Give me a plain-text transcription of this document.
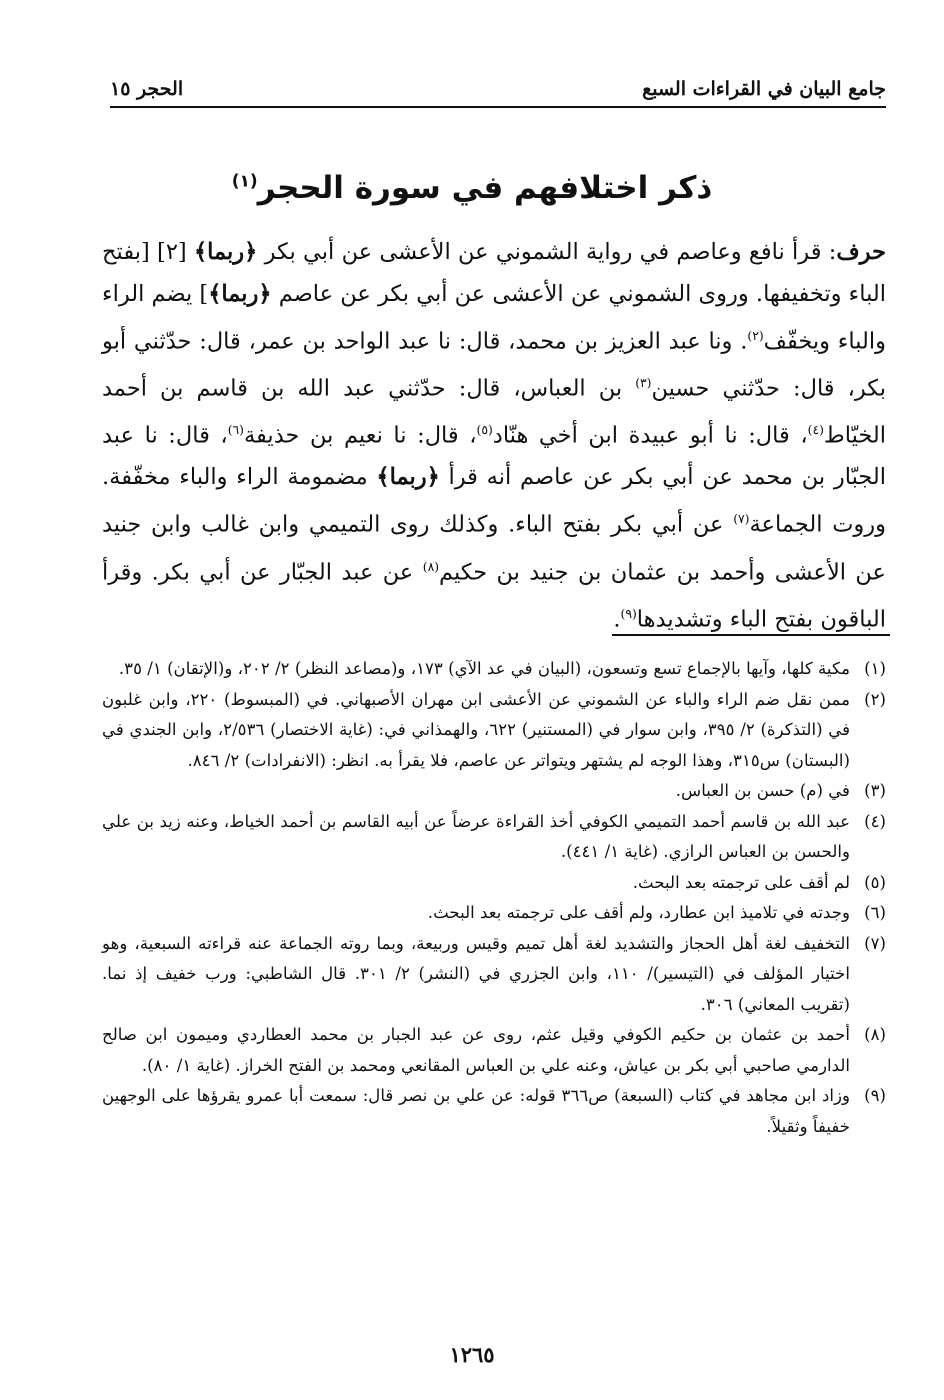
جامع البيان في القراءات السبع
الحجر ١٥
ذكر اختلافهم في سورة الحجر$^{(١)}$
حرف: قرأ نافع وعاصم في رواية الشموني عن الأعشى عن أبي بكر ﴿ربما﴾ [٢] [بفتح الباء وتخفيفها. وروى الشموني عن الأعشى عن أبي بكر عن عاصم ﴿ربما﴾] يضم الراء والباء ويخفّف$^{(٢)}$. ونا عبد العزيز بن محمد، قال: نا عبد الواحد بن عمر، قال: حدّثني أبو بكر، قال: حدّثني حسين$^{(٣)}$ بن العباس، قال: حدّثني عبد الله بن قاسم بن أحمد الخيّاط$^{(٤)}$، قال: نا أبو عبيدة ابن أخي هنّاد$^{(٥)}$، قال: نا نعيم بن حذيفة$^{(٦)}$، قال: نا عبد الجبّار بن محمد عن أبي بكر عن عاصم أنه قرأ ﴿ربما﴾ مضمومة الراء والباء مخفّفة. وروت الجماعة$^{(٧)}$ عن أبي بكر بفتح الباء. وكذلك روى التميمي وابن غالب وابن جنيد عن الأعشى وأحمد بن عثمان بن جنيد بن حكيم$^{(٨)}$ عن عبد الجبّار عن أبي بكر. وقرأ الباقون بفتح الباء وتشديدها$^{(٩)}$.
(١)
مكية كلها، وآيها بالإجماع تسع وتسعون، (البيان في عد الآي) ١٧٣، و(مصاعد النظر) ٢/ ٢٠٢، و(الإتقان) ١/ ٣٥.
(٢)
ممن نقل ضم الراء والباء عن الشموني عن الأعشى ابن مهران الأصبهاني. في (المبسوط) ٢٢٠، وابن غلبون في (التذكرة) ٢/ ٣٩٥، وابن سوار في (المستنير) ٦٢٢، والهمذاني في: (غاية الاختصار) ٢/٥٣٦، وابن الجندي في (البستان) س٣١٥، وهذا الوجه لم يشتهر ويتواتر عن عاصم، فلا يقرأ به. انظر: (الانفرادات) ٢/ ٨٤٦.
(٣)
في (م) حسن بن العباس.
(٤)
عبد الله بن قاسم أحمد التميمي الكوفي أخذ القراءة عرضاً عن أبيه القاسم بن أحمد الخياط، وعنه زيد بن علي والحسن بن العباس الرازي. (غاية ١/ ٤٤١).
(٥)
لم أقف على ترجمته بعد البحث.
(٦)
وجدته في تلاميذ ابن عطارد، ولم أقف على ترجمته بعد البحث.
(٧)
التخفيف لغة أهل الحجاز والتشديد لغة أهل تميم وقيس وربيعة، وبما روته الجماعة عنه قراءته السبعية، وهو اختيار المؤلف في (التيسير)/ ١١٠، وابن الجزري في (النشر) ٢/ ٣٠١. قال الشاطبي: ورب خفيف إذ نما. (تقريب المعاني) ٣٠٦.
(٨)
أحمد بن عثمان بن حكيم الكوفي وقيل عثم، روى عن عبد الجبار بن محمد العطاردي وميمون ابن صالح الدارمي صاحبي أبي بكر بن عياش، وعنه علي بن العباس المقانعي ومحمد بن الفتح الخراز. (غاية ١/ ٨٠).
(٩)
وزاد ابن مجاهد في كتاب (السبعة) ص٣٦٦ قوله: عن علي بن نصر قال: سمعت أبا عمرو يقرؤها على الوجهين خفيفاً وثقيلاً.
١٢٦٥
